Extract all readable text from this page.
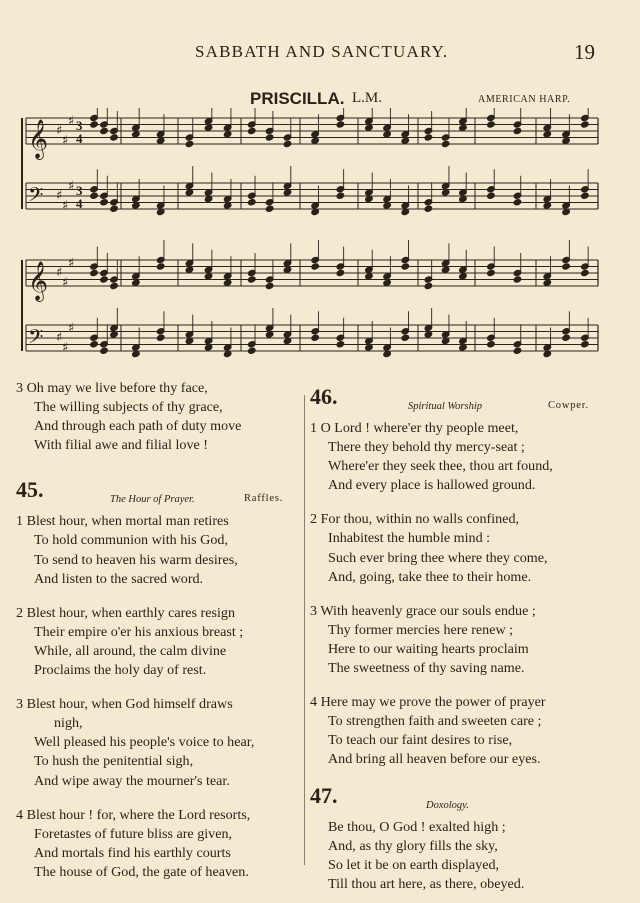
SABBATH AND SANCTUARY.	19
PRISCILLA. L.M.	AMERICAN HARP.
𝄞 ♯
♯
♯ 3
4
𝄢 ♯
♯
♯ 3
4
𝄞 ♯
♯
♯
𝄢 ♯
♯
♯
3 Oh may we live before thy face,
The willing subjects of thy grace,
And through each path of duty move
With filial awe and filial love !
45.	The Hour of Prayer.	Raffles.
1 Blest hour, when mortal man retires
To hold communion with his God,
To send to heaven his warm desires,
And listen to the sacred word.
2 Blest hour, when earthly cares resign
Their empire o'er his anxious breast ;
While, all around, the calm divine
Proclaims the holy day of rest.
3 Blest hour, when God himself draws
nigh,
Well pleased his people's voice to hear,
To hush the penitential sigh,
And wipe away the mourner's tear.
4 Blest hour ! for, where the Lord resorts,
Foretastes of future bliss are given,
And mortals find his earthly courts
The house of God, the gate of heaven.
46.	Spiritual Worship	Cowper.
1 O Lord ! where'er thy people meet,
There they behold thy mercy-seat ;
Where'er they seek thee, thou art found,
And every place is hallowed ground.
2 For thou, within no walls confined,
Inhabitest the humble mind :
Such ever bring thee where they come,
And, going, take thee to their home.
3 With heavenly grace our souls endue ;
Thy former mercies here renew ;
Here to our waiting hearts proclaim
The sweetness of thy saving name.
4 Here may we prove the power of prayer
To strengthen faith and sweeten care ;
To teach our faint desires to rise,
And bring all heaven before our eyes.
47.	Doxology.
Be thou, O God ! exalted high ;
And, as thy glory fills the sky,
So let it be on earth displayed,
Till thou art here, as there, obeyed.
